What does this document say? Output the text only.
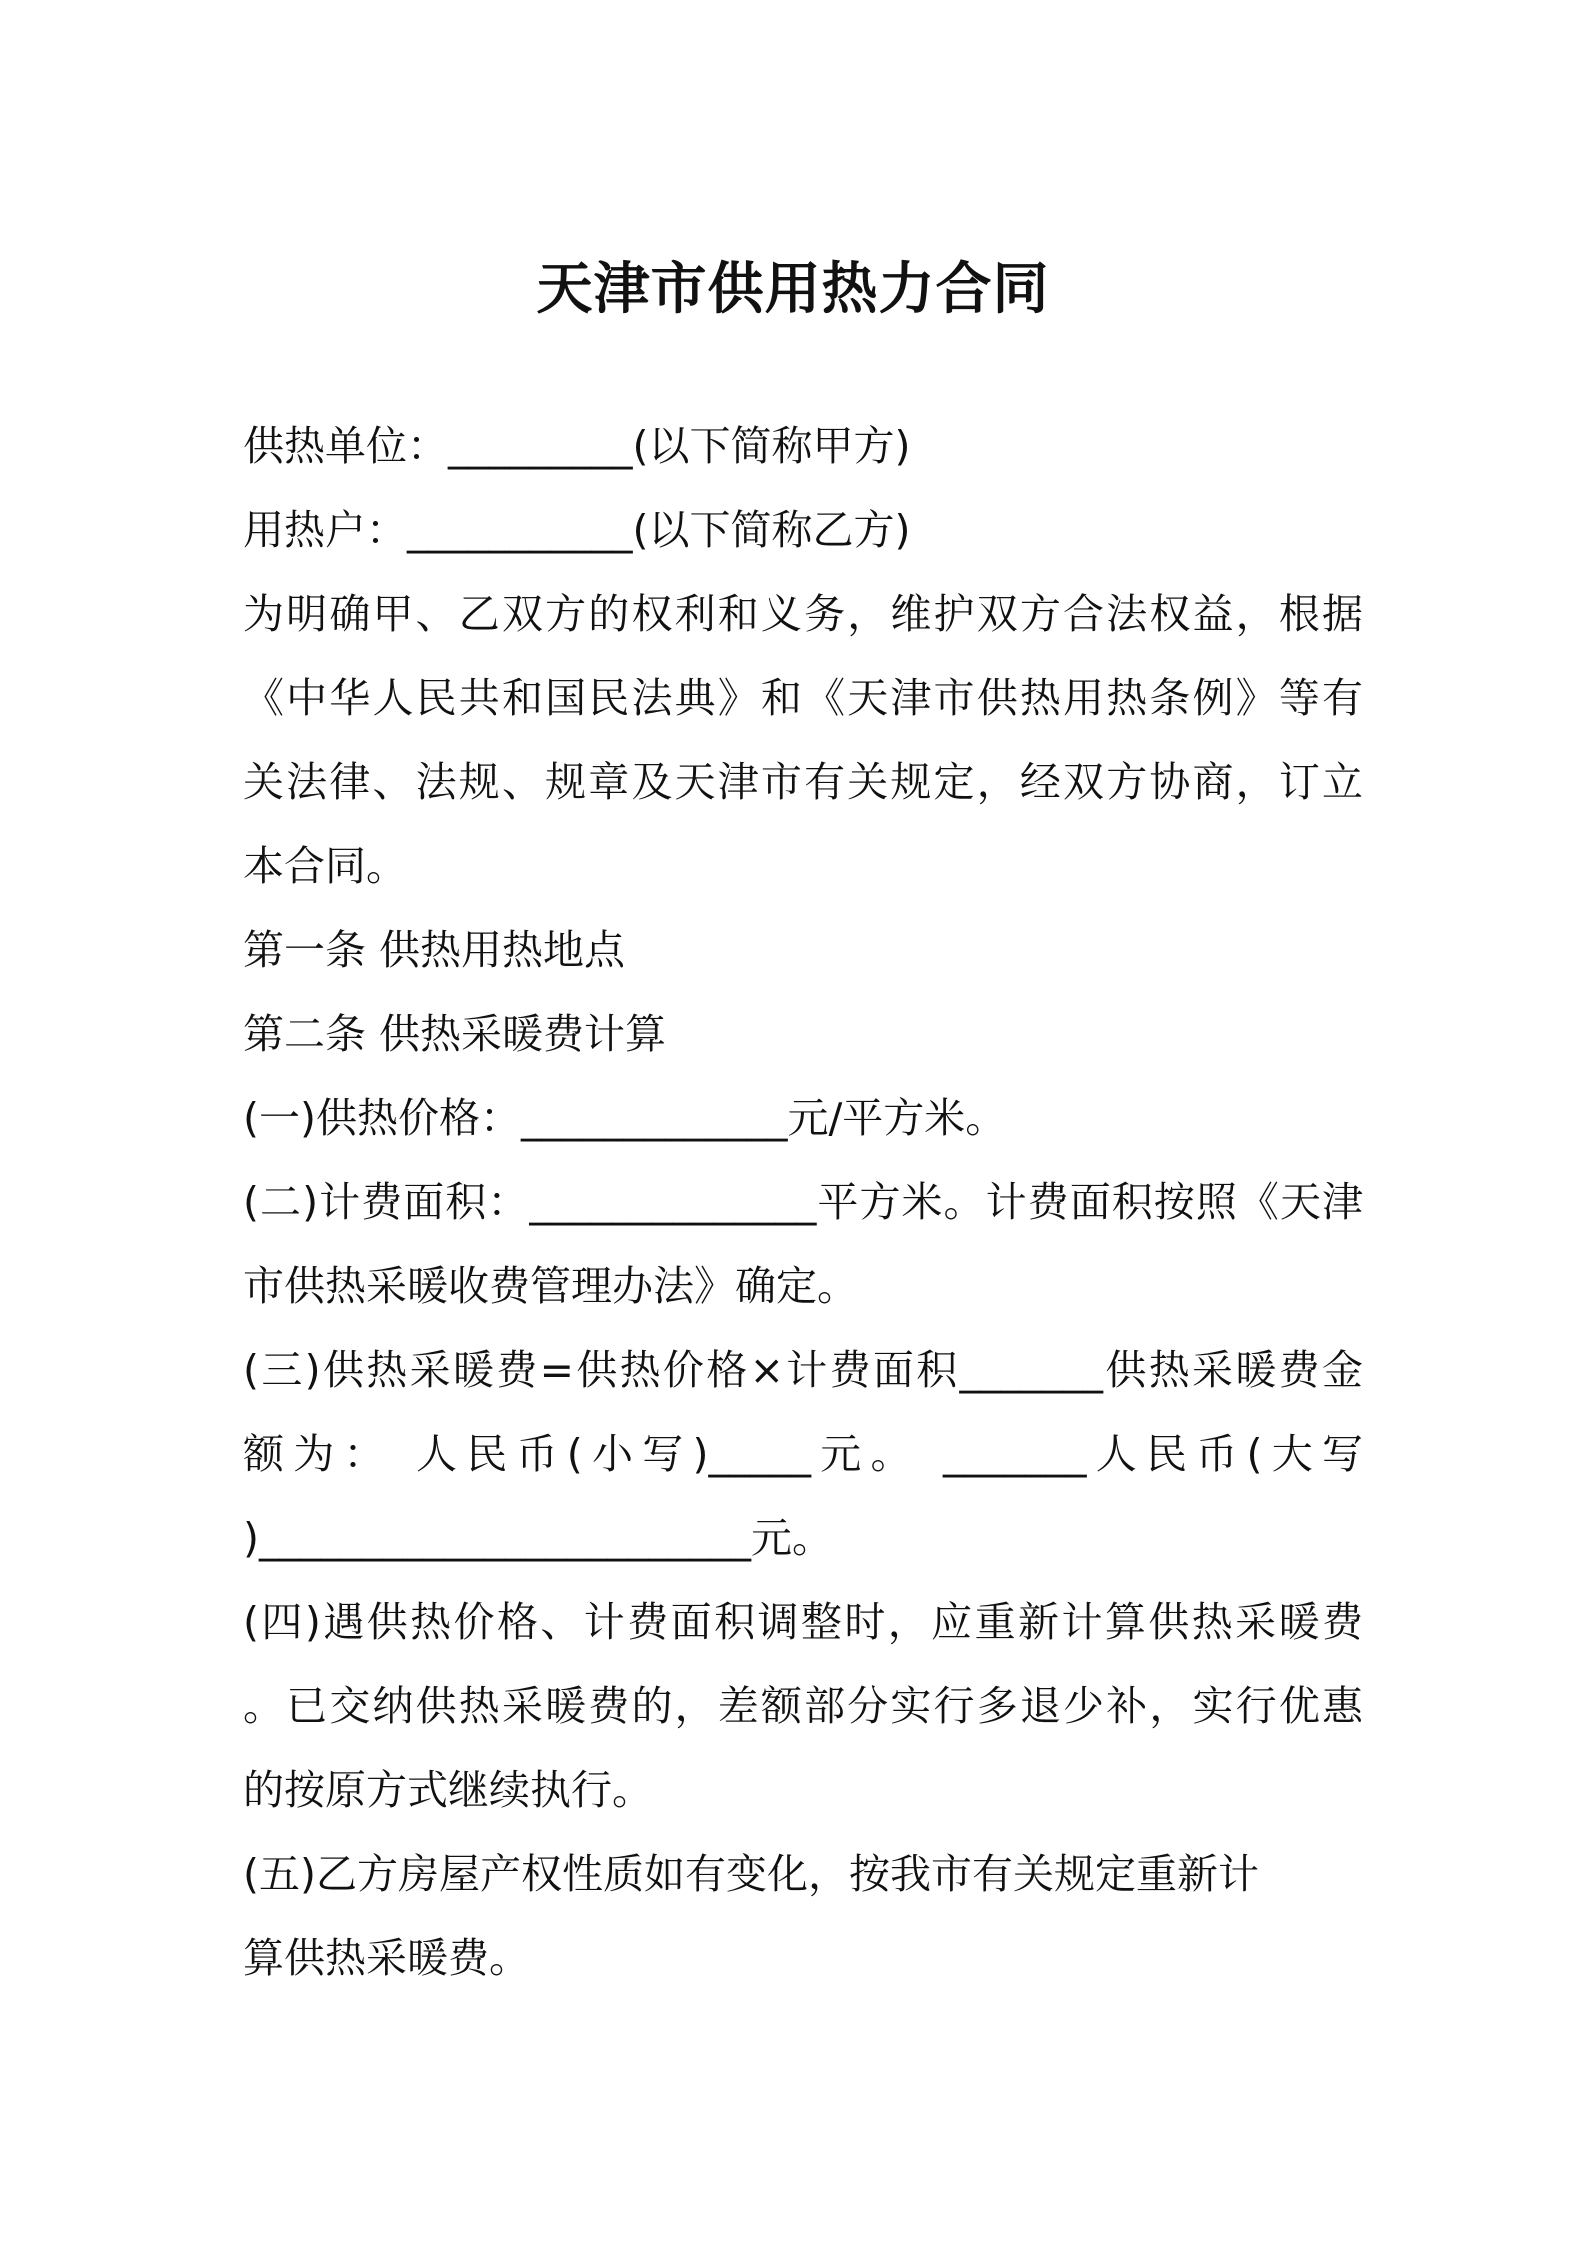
天津市供用热力合同
供热单位：_________(以下简称甲方)
用热户：___________(以下简称乙方)
为明确甲、乙双方的权利和义务，维护双方合法权益，根据
《中华人民共和国民法典》和《天津市供热用热条例》等有
关法律、法规、规章及天津市有关规定，经双方协商，订立
本合同。
第一条 供热用热地点
第二条 供热采暖费计算
(一)供热价格：_____________元/平方米。
(二)计费面积：______________平方米。计费面积按照《天津
市供热采暖收费管理办法》确定。
(三)供热采暖费=供热价格×计费面积_______供热采暖费金
额为： 人民币(小写)_____元。 _______人民币(大写
)________________________元。
(四)遇供热价格、计费面积调整时，应重新计算供热采暖费
。已交纳供热采暖费的，差额部分实行多退少补，实行优惠
的按原方式继续执行。
(五)乙方房屋产权性质如有变化，按我市有关规定重新计
算供热采暖费。
